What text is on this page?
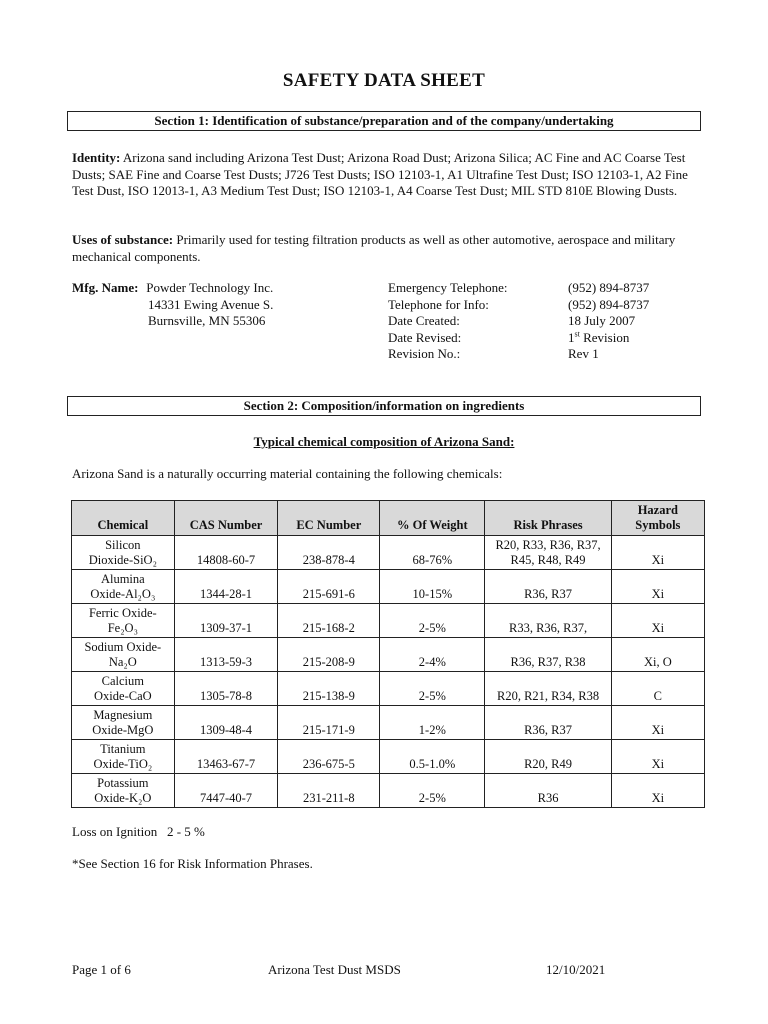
SAFETY DATA SHEET
Section 1: Identification of substance/preparation and of the company/undertaking
Identity: Arizona sand including Arizona Test Dust; Arizona Road Dust; Arizona Silica; AC Fine and AC Coarse Test Dusts; SAE Fine and Coarse Test Dusts; J726 Test Dusts; ISO 12103-1, A1 Ultrafine Test Dust; ISO 12103-1, A2 Fine Test Dust, ISO 12013-1, A3 Medium Test Dust; ISO 12103-1, A4 Coarse Test Dust; MIL STD 810E Blowing Dusts.
Uses of substance: Primarily used for testing filtration products as well as other automotive, aerospace and military mechanical components.
Mfg. Name: Powder Technology Inc.
14331 Ewing Avenue S.
Burnsville, MN 55306
Emergency Telephone:	(952) 894-8737
Telephone for Info:	(952) 894-8737
Date Created:	18 July 2007
Date Revised:	1st Revision
Revision No.:	Rev 1
Section 2: Composition/information on ingredients
Typical chemical composition of Arizona Sand:
Arizona Sand is a naturally occurring material containing the following chemicals:
Chemical	CAS Number	EC Number	% Of Weight	Risk Phrases	Hazard Symbols
Silicon
Dioxide-SiO₂	14808-60-7	238-878-4	68-76%	R20, R33, R36, R37,
R45, R48, R49	Xi
Alumina
Oxide-Al₂O₃	1344-28-1	215-691-6	10-15%	R36, R37	Xi
Ferric Oxide-
Fe₂O₃	1309-37-1	215-168-2	2-5%	R33, R36, R37,	Xi
Sodium Oxide-
Na₂O	1313-59-3	215-208-9	2-4%	R36, R37, R38	Xi, O
Calcium
Oxide-CaO	1305-78-8	215-138-9	2-5%	R20, R21, R34, R38	C
Magnesium
Oxide-MgO	1309-48-4	215-171-9	1-2%	R36, R37	Xi
Titanium
Oxide-TiO₂	13463-67-7	236-675-5	0.5-1.0%	R20, R49	Xi
Potassium
Oxide-K₂O	7447-40-7	231-211-8	2-5%	R36	Xi
Loss on Ignition   2 - 5 %
*See Section 16 for Risk Information Phrases.
Page 1 of 6	Arizona Test Dust MSDS	12/10/2021
